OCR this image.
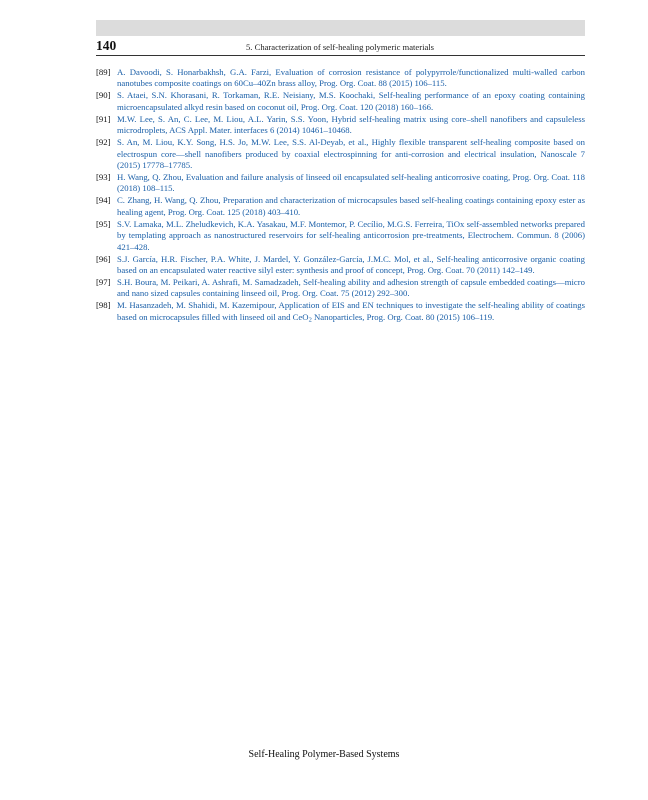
140	5. Characterization of self-healing polymeric materials
[89] A. Davoodi, S. Honarbakhsh, G.A. Farzi, Evaluation of corrosion resistance of polypyrrole/functionalized multi-walled carbon nanotubes composite coatings on 60Cu–40Zn brass alloy, Prog. Org. Coat. 88 (2015) 106–115.
[90] S. Ataei, S.N. Khorasani, R. Torkaman, R.E. Neisiany, M.S. Koochaki, Self-healing performance of an epoxy coating containing microencapsulated alkyd resin based on coconut oil, Prog. Org. Coat. 120 (2018) 160–166.
[91] M.W. Lee, S. An, C. Lee, M. Liou, A.L. Yarin, S.S. Yoon, Hybrid self-healing matrix using core–shell nanofibers and capsuleless microdroplets, ACS Appl. Mater. interfaces 6 (2014) 10461–10468.
[92] S. An, M. Liou, K.Y. Song, H.S. Jo, M.W. Lee, S.S. Al-Deyab, et al., Highly flexible transparent self-healing composite based on electrospun core—shell nanofibers produced by coaxial electrospinning for anti-corrosion and electrical insulation, Nanoscale 7 (2015) 17778–17785.
[93] H. Wang, Q. Zhou, Evaluation and failure analysis of linseed oil encapsulated self-healing anticorrosive coating, Prog. Org. Coat. 118 (2018) 108–115.
[94] C. Zhang, H. Wang, Q. Zhou, Preparation and characterization of microcapsules based self-healing coatings containing epoxy ester as healing agent, Prog. Org. Coat. 125 (2018) 403–410.
[95] S.V. Lamaka, M.L. Zheludkevich, K.A. Yasakau, M.F. Montemor, P. Cecílio, M.G.S. Ferreira, TiOx self-assembled networks prepared by templating approach as nanostructured reservoirs for self-healing anticorrosion pre-treatments, Electrochem. Commun. 8 (2006) 421–428.
[96] S.J. García, H.R. Fischer, P.A. White, J. Mardel, Y. González-García, J.M.C. Mol, et al., Self-healing anticorrosive organic coating based on an encapsulated water reactive silyl ester: synthesis and proof of concept, Prog. Org. Coat. 70 (2011) 142–149.
[97] S.H. Boura, M. Peikari, A. Ashrafi, M. Samadzadeh, Self-healing ability and adhesion strength of capsule embedded coatings—micro and nano sized capsules containing linseed oil, Prog. Org. Coat. 75 (2012) 292–300.
[98] M. Hasanzadeh, M. Shahidi, M. Kazemipour, Application of EIS and EN techniques to investigate the self-healing ability of coatings based on microcapsules filled with linseed oil and CeO$_2$ Nanoparticles, Prog. Org. Coat. 80 (2015) 106–119.
Self-Healing Polymer-Based Systems
